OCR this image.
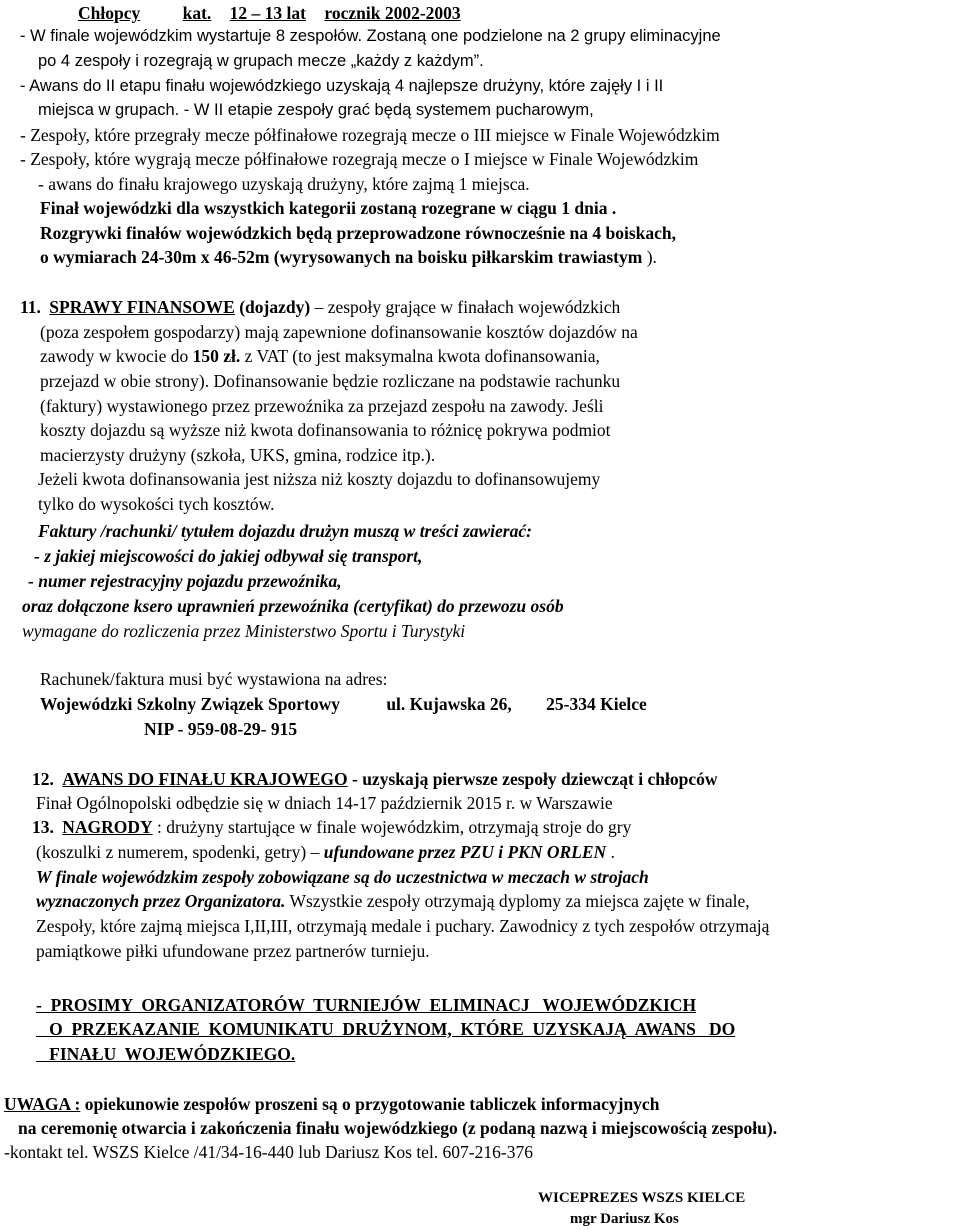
Chłopcy kat. 12 – 13 lat rocznik 2002-2003
- W finale wojewódzkim wystartuje 8 zespołów. Zostaną one podzielone na 2 grupy eliminacyjne
po 4 zespoły i rozegrają w grupach mecze „każdy z każdym”.
- Awans do II etapu finału wojewódzkiego uzyskają 4 najlepsze drużyny, które zajęły I i II
miejsca w grupach. - W II etapie zespoły grać będą systemem pucharowym,
- Zespoły, które przegrały mecze półfinałowe rozegrają mecze o III miejsce w Finale Wojewódzkim
- Zespoły, które wygrają mecze półfinałowe rozegrają mecze o I miejsce w Finale Wojewódzkim
- awans do finału krajowego uzyskają drużyny, które zajmą 1 miejsca.
Finał wojewódzki dla wszystkich kategorii zostaną rozegrane w ciągu 1 dnia .
Rozgrywki finałów wojewódzkich będą przeprowadzone równocześnie na 4 boiskach,
o wymiarach 24-30m x 46-52m (wyrysowanych na boisku piłkarskim trawiastym ).
11. SPRAWY FINANSOWE (dojazdy) – zespoły grające w finałach wojewódzkich
(poza zespołem gospodarzy) mają zapewnione dofinansowanie kosztów dojazdów na
zawody w kwocie do 150 zł. z VAT (to jest maksymalna kwota dofinansowania,
przejazd w obie strony). Dofinansowanie będzie rozliczane na podstawie rachunku
(faktury) wystawionego przez przewoźnika za przejazd zespołu na zawody. Jeśli
koszty dojazdu są wyższe niż kwota dofinansowania to różnicę pokrywa podmiot
macierzysty drużyny (szkoła, UKS, gmina, rodzice itp.).
Jeżeli kwota dofinansowania jest niższa niż koszty dojazdu to dofinansowujemy
tylko do wysokości tych kosztów.
Faktury /rachunki/ tytułem dojazdu drużyn muszą w treści zawierać:
- z jakiej miejscowości do jakiej odbywał się transport,
- numer rejestracyjny pojazdu przewoźnika,
oraz dołączone ksero uprawnień przewoźnika (certyfikat) do przewozu osób
wymagane do rozliczenia przez Ministerstwo Sportu i Turystyki
Rachunek/faktura musi być wystawiona na adres:
Wojewódzki Szkolny Związek Sportowy	ul. Kujawska 26, 25-334 Kielce
NIP - 959-08-29- 915
12. AWANS DO FINAŁU KRAJOWEGO - uzyskają pierwsze zespoły dziewcząt i chłopców
Finał Ogólnopolski odbędzie się w dniach 14-17 październik 2015 r. w Warszawie
13. NAGRODY : drużyny startujące w finale wojewódzkim, otrzymają stroje do gry
(koszulki z numerem, spodenki, getry) – ufundowane przez PZU i PKN ORLEN .
W finale wojewódzkim zespoły zobowiązane są do uczestnictwa w meczach w strojach
wyznaczonych przez Organizatora. Wszystkie zespoły otrzymają dyplomy za miejsca zajęte w finale,
Zespoły, które zajmą miejsca I,II,III, otrzymają medale i puchary. Zawodnicy z tych zespołów otrzymają
pamiątkowe piłki ufundowane przez partnerów turnieju.
-  PROSIMY  ORGANIZATORÓW  TURNIEJÓW  ELIMINACJ   WOJEWÓDZKICH
O  PRZEKAZANIE  KOMUNIKATU  DRUŻYNOM,  KTÓRE  UZYSKAJĄ  AWANS   DO
FINAŁU  WOJEWÓDZKIEGO.
UWAGA : opiekunowie zespołów proszeni są o przygotowanie tabliczek informacyjnych
na ceremonię otwarcia i zakończenia finału wojewódzkiego (z podaną nazwą i miejscowością zespołu).
-kontakt tel. WSZS Kielce /41/34-16-440 lub Dariusz Kos tel. 607-216-376
WICEPREZES WSZS KIELCE
mgr Dariusz Kos
